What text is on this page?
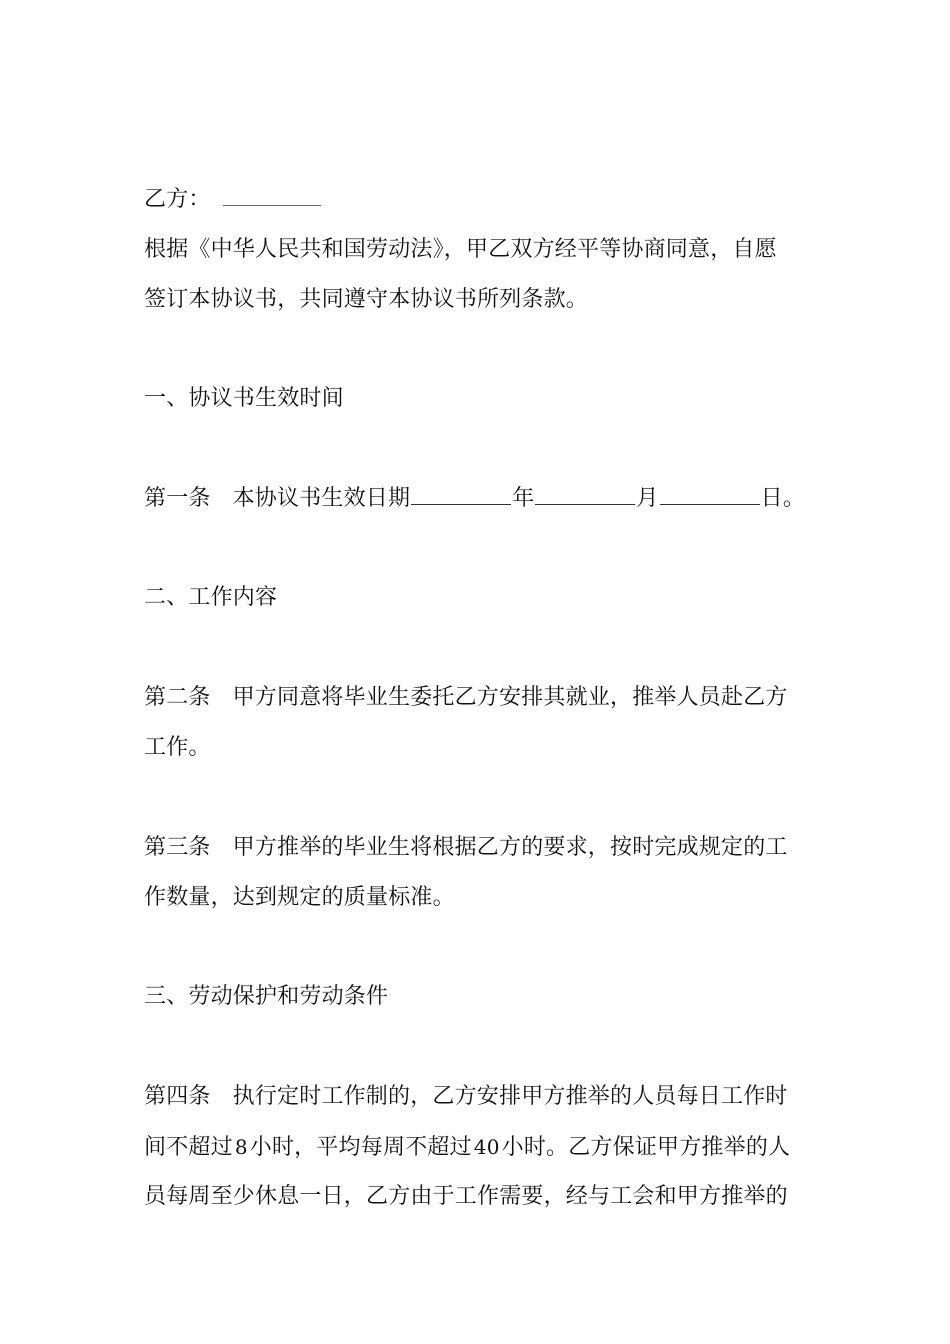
乙方：
根据《中华人民共和国劳动法》，甲乙双方经平等协商同意，自愿
签订本协议书，共同遵守本协议书所列条款。
一、协议书生效时间
第一条 本协议书生效日期	年	月	日。
二、工作内容
第二条 甲方同意将毕业生委托乙方安排其就业，推举人员赴乙方
工作。
第三条 甲方推举的毕业生将根据乙方的要求，按时完成规定的工
作数量，达到规定的质量标准。
三、劳动保护和劳动条件
第四条 执行定时工作制的，乙方安排甲方推举的人员每日工作时
间不超过 8小时，平均每周不超过 40小时。乙方保证甲方推举的人
员每周至少休息一日，乙方由于工作需要，经与工会和甲方推举的
